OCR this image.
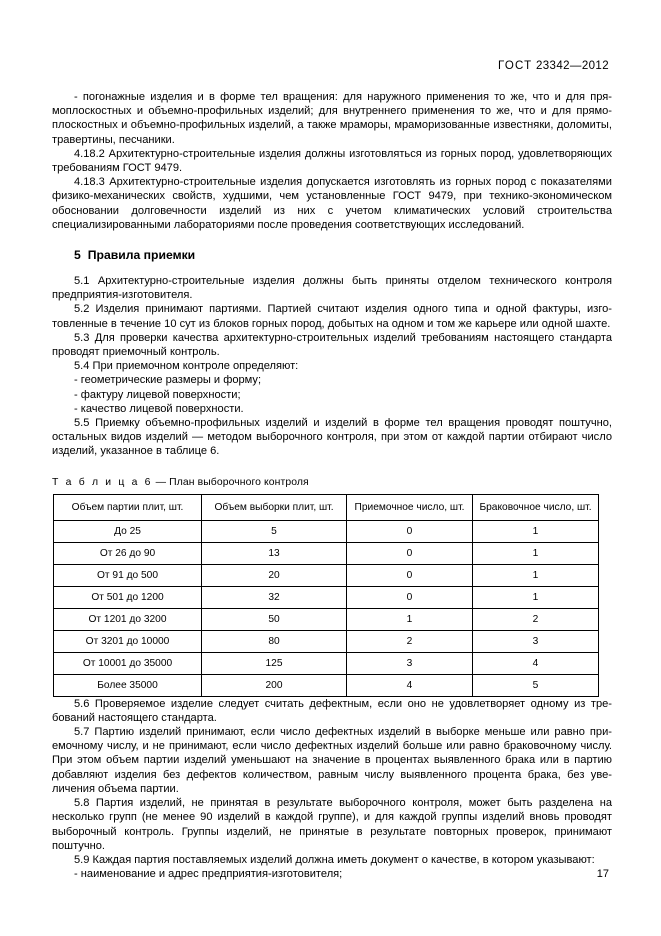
ГОСТ 23342—2012

- погонажные изделия и в форме тел вращения: для наружного применения то же, что и для прямоплоскостных и объемно-профильных изделий; для внутреннего применения то же, что и для прямоплоскостных и объемно-профильных изделий, а также мраморы, мраморизованные известняки, доломиты, травертины, песчаники.

4.18.2 Архитектурно-строительные изделия должны изготовляться из горных пород, удовлетворяющих требованиям ГОСТ 9479.

4.18.3 Архитектурно-строительные изделия допускается изготовлять из горных пород с показателями физико-механических свойств, худшими, чем установленные ГОСТ 9479, при технико-экономическом обосновании долговечности изделий из них с учетом климатических условий строительства специализированными лабораториями после проведения соответствующих исследований.

5 Правила приемки

5.1 Архитектурно-строительные изделия должны быть приняты отделом технического контроля предприятия-изготовителя.

5.2 Изделия принимают партиями. Партией считают изделия одного типа и одной фактуры, изготовленные в течение 10 сут из блоков горных пород, добытых на одном и том же карьере или одной шахте.

5.3 Для проверки качества архитектурно-строительных изделий требованиям настоящего стандарта проводят приемочный контроль.

5.4 При приемочном контроле определяют:

- геометрические размеры и форму;

- фактуру лицевой поверхности;

- качество лицевой поверхности.

5.5 Приемку объемно-профильных изделий и изделий в форме тел вращения проводят поштучно, остальных видов изделий — методом выборочного контроля, при этом от каждой партии отбирают число изделий, указанное в таблице 6.

Т а б л и ц а 6 — План выборочного контроля
Объем партии плит, шт.	Объем выборки плит, шт.	Приемочное число, шт.	Браковочное число, шт.
До 25	5	0	1
От 26 до 90	13	0	1
От 91 до 500	20	0	1
От 501 до 1200	32	0	1
От 1201 до 3200	50	1	2
От 3201 до 10000	80	2	3
От 10001 до 35000	125	3	4
Более 35000	200	4	5

5.6 Проверяемое изделие следует считать дефектным, если оно не удовлетворяет одному из требований настоящего стандарта.

5.7 Партию изделий принимают, если число дефектных изделий в выборке меньше или равно приемочному числу, и не принимают, если число дефектных изделий больше или равно браковочному числу. При этом объем партии изделий уменьшают на значение в процентах выявленного брака или в партию добавляют изделия без дефектов количеством, равным числу выявленного процента брака, без увеличения объема партии.

5.8 Партия изделий, не принятая в результате выборочного контроля, может быть разделена на несколько групп (не менее 90 изделий в каждой группе), и для каждой группы изделий вновь проводят выборочный контроль. Группы изделий, не принятые в результате повторных проверок, принимают поштучно.

5.9 Каждая партия поставляемых изделий должна иметь документ о качестве, в котором указывают:

- наименование и адрес предприятия-изготовителя;	17
